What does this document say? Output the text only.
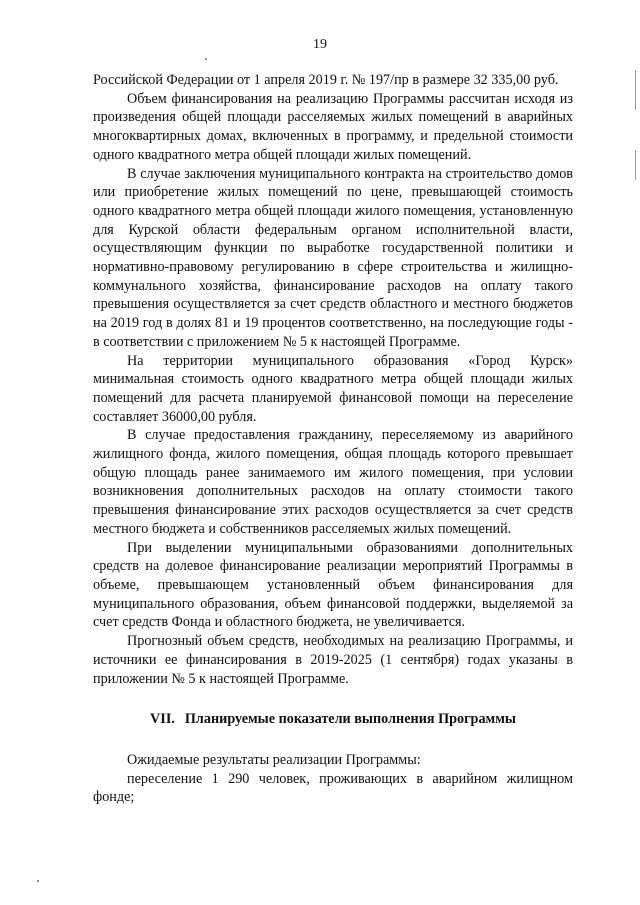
19

Российской Федерации от 1 апреля 2019 г. № 197/пр в размере 32 335,00 руб.

Объем финансирования на реализацию Программы рассчитан исходя из произведения общей площади расселяемых жилых помещений в аварийных многоквартирных домах, включенных в программу, и предельной стоимости одного квадратного метра общей площади жилых помещений.

В случае заключения муниципального контракта на строительство домов или приобретение жилых помещений по цене, превышающей стоимость одного квадратного метра общей площади жилого помещения, установленную для Курской области федеральным органом исполнительной власти, осуществляющим функции по выработке государственной политики и нормативно-правовому регулированию в сфере строительства и жилищно-коммунального хозяйства, финансирование расходов на оплату такого превышения осуществляется за счет средств областного и местного бюджетов на 2019 год в долях 81 и 19 процентов соответственно, на последующие годы - в соответствии с приложением № 5 к настоящей Программе.

На территории муниципального образования «Город Курск» минимальная стоимость одного квадратного метра общей площади жилых помещений для расчета планируемой финансовой помощи на переселение составляет 36000,00 рубля.

В случае предоставления гражданину, переселяемому из аварийного жилищного фонда, жилого помещения, общая площадь которого превышает общую площадь ранее занимаемого им жилого помещения, при условии возникновения дополнительных расходов на оплату стоимости такого превышения финансирование этих расходов осуществляется за счет средств местного бюджета и собственников расселяемых жилых помещений.

При выделении муниципальными образованиями дополнительных средств на долевое финансирование реализации мероприятий Программы в объеме, превышающем установленный объем финансирования для муниципального образования, объем финансовой поддержки, выделяемой за счет средств Фонда и областного бюджета, не увеличивается.

Прогнозный объем средств, необходимых на реализацию Программы, и источники ее финансирования в 2019-2025 (1 сентября) годах указаны в приложении № 5 к настоящей Программе.

VII. Планируемые показатели выполнения Программы

Ожидаемые результаты реализации Программы:

переселение 1 290 человек, проживающих в аварийном жилищном фонде;
